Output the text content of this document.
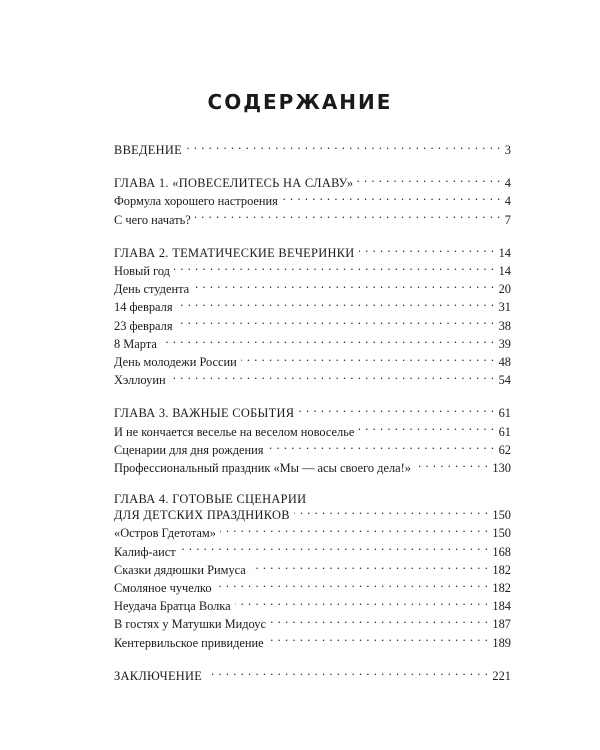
содержание
ВВЕДЕНИЕ . . .	3
ГЛАВА 1. «ПОВЕСЕЛИТЕСЬ НА СЛАВУ» . . .	4
Формула хорошего настроения . . .	4
С чего начать? . . .	7
ГЛАВА 2. ТЕМАТИЧЕСКИЕ ВЕЧЕРИНКИ . . .	14
Новый год . . .	14
День студента . . .	20
14 февраля . . .	31
23 февраля . . .	38
8 Марта . . .	39
День молодежи России . . .	48
Хэллоуин . . .	54
ГЛАВА 3. ВАЖНЫЕ СОБЫТИЯ . . .	61
И не кончается веселье на веселом новоселье . . .	61
Сценарии для дня рождения . . .	62
Профессиональный праздник «Мы — асы своего дела!» . . .	130
ГЛАВА 4. ГОТОВЫЕ СЦЕНАРИИ
ДЛЯ ДЕТСКИХ ПРАЗДНИКОВ . . .	150
«Остров Гдетотам» . . .	150
Калиф-аист . . .	168
Сказки дядюшки Римуса . . .	182
Смоляное чучелко . . .	182
Неудача Братца Волка . . .	184
В гостях у Матушки Мидоус . . .	187
Кентервильское привидение . . .	189
ЗАКЛЮЧЕНИЕ . . .	221
